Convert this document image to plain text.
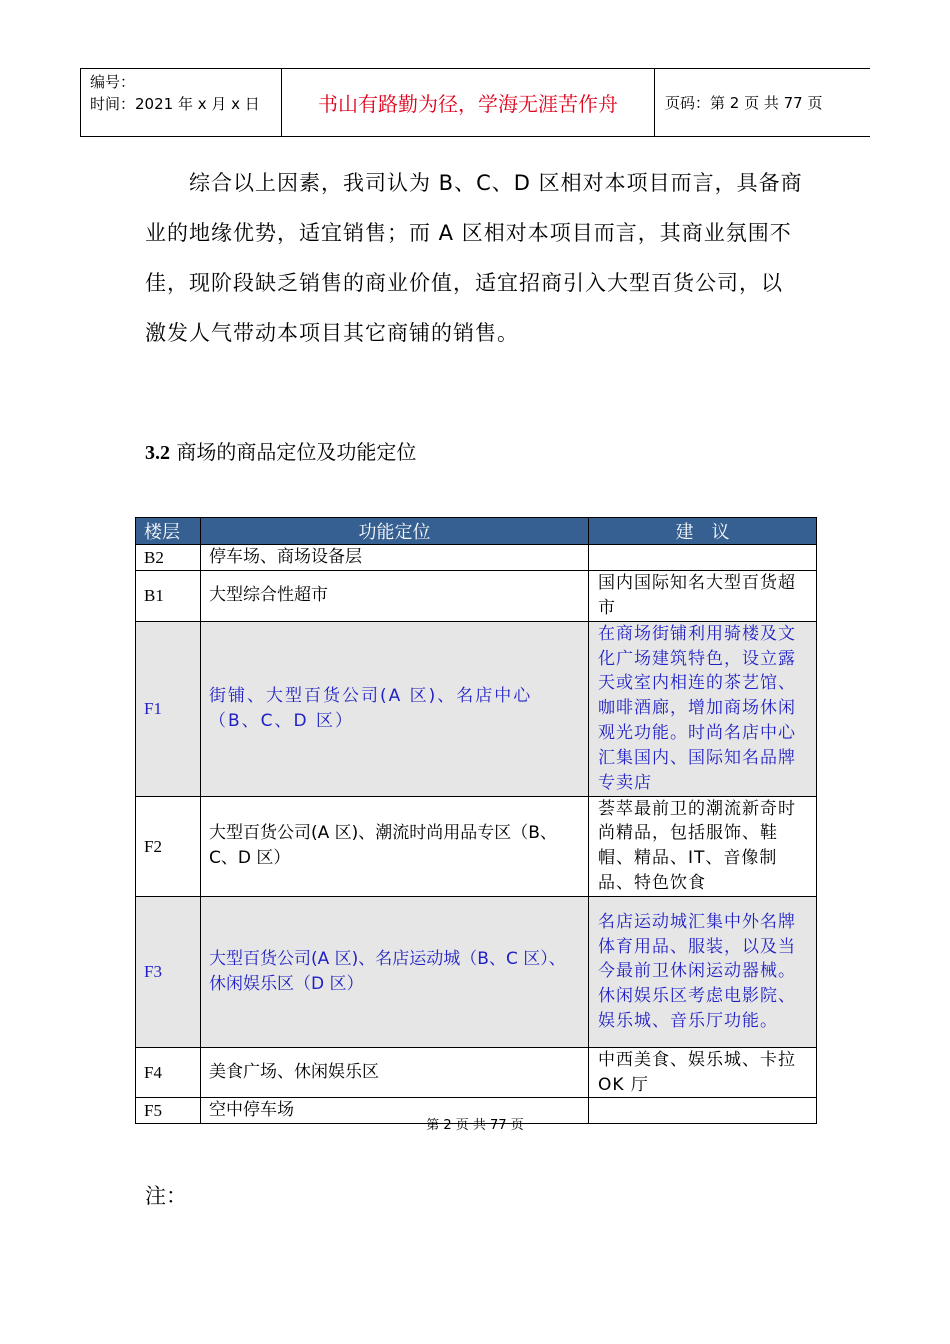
编号：
时间：2021 年 x 月 x 日	书山有路勤为径，学海无涯苦作舟	页码：第 2 页 共 77 页
综合以上因素，我司认为 B、C、D 区相对本项目而言，具备商
业的地缘优势，适宜销售；而 A 区相对本项目而言，其商业氛围不
佳，现阶段缺乏销售的商业价值，适宜招商引入大型百货公司，以
激发人气带动本项目其它商铺的销售。
3.2 商场的商品定位及功能定位
楼层	功能定位	建　议
B2	停车场、商场设备层	
B1	大型综合性超市	国内国际知名大型百货超市
F1	街铺、大型百货公司(A 区)、名店中心（B、C、D 区）	在商场街铺利用骑楼及文化广场建筑特色，设立露天或室内相连的茶艺馆、咖啡酒廊，增加商场休闲观光功能。时尚名店中心汇集国内、国际知名品牌专卖店
F2	大型百货公司(A 区)、潮流时尚用品专区（B、C、D 区）	荟萃最前卫的潮流新奇时尚精品，包括服饰、鞋帽、精品、IT、音像制品、特色饮食
F3	大型百货公司(A 区)、名店运动城（B、C 区）、休闲娱乐区（D 区）	名店运动城汇集中外名牌体育用品、服装，以及当今最前卫休闲运动器械。休闲娱乐区考虑电影院、娱乐城、音乐厅功能。
F4	美食广场、休闲娱乐区	中西美食、娱乐城、卡拉 OK 厅
F5	空中停车场	
第 2 页 共 77 页
注：
